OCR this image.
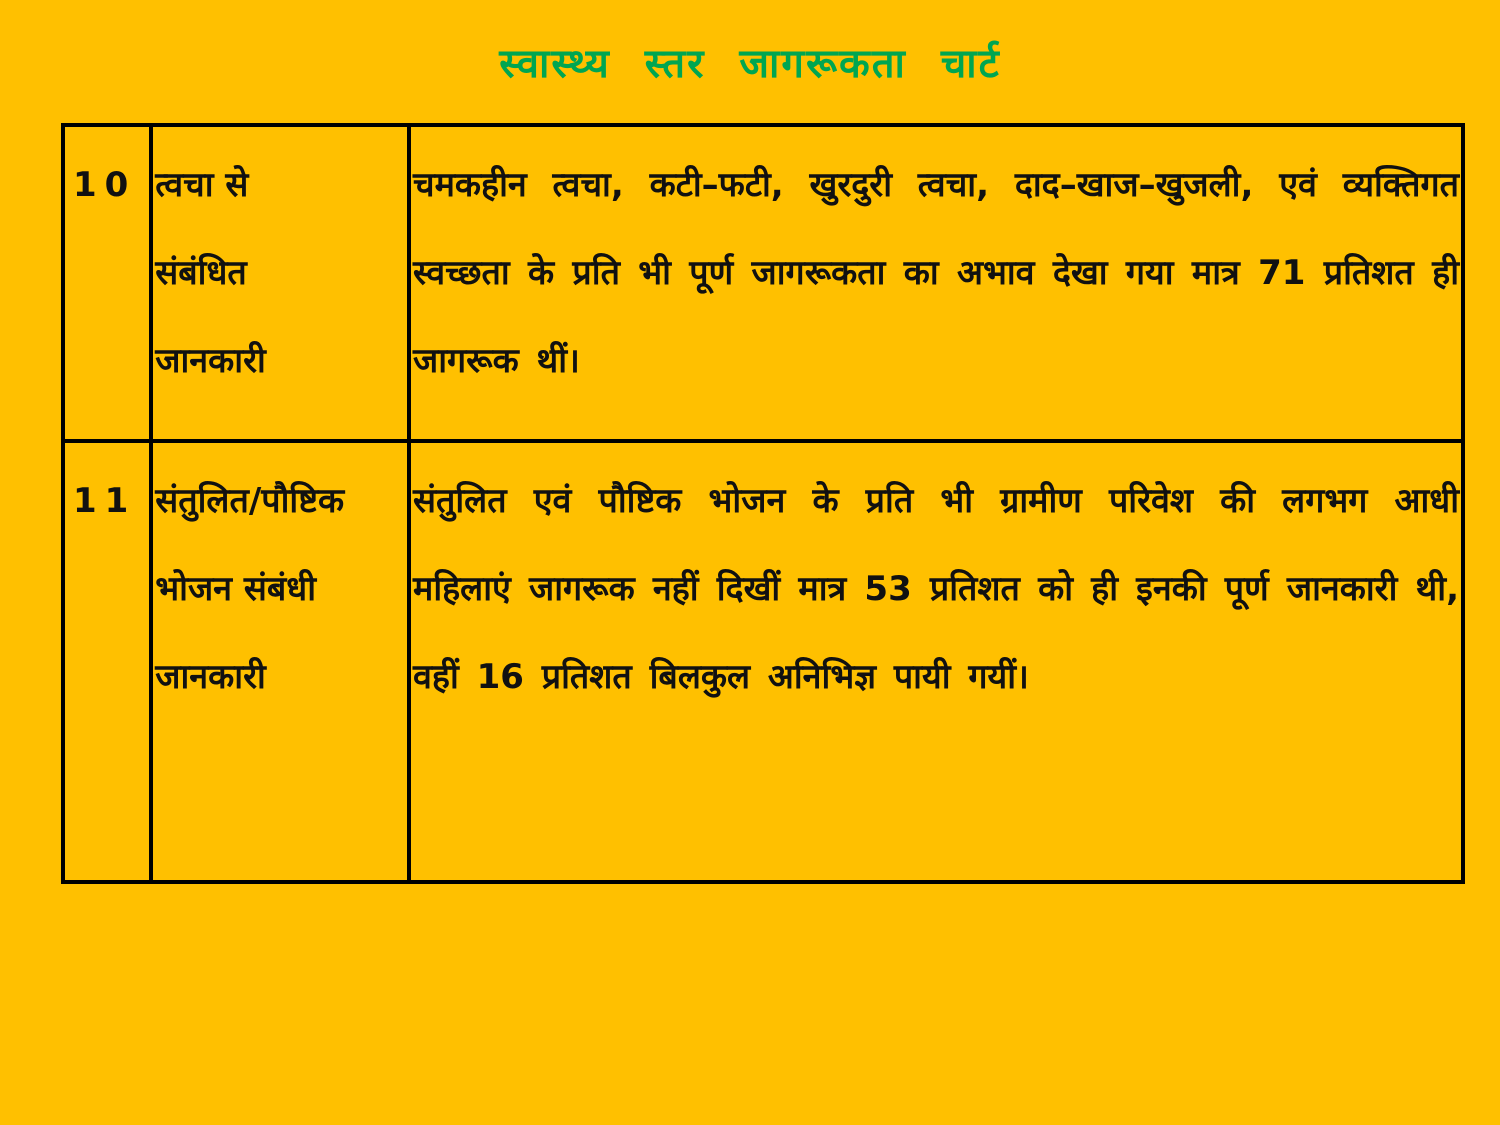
स्वास्थ्य स्तर जागरूकता चार्ट
10	त्वचा से
संबंधित
जानकारी	चमकहीन त्वचा, कटी–फटी, खुरदुरी त्वचा, दाद–खाज–खुजली, एवं व्यक्तिगत स्वच्छता के प्रति भी पूर्ण जागरूकता का अभाव देखा गया मात्र 71 प्रतिशत ही जागरूक थीं।
11	संतुलित/पौष्टिक
भोजन संबंधी
जानकारी	संतुलित एवं पौष्टिक भोजन के प्रति भी ग्रामीण परिवेश की लगभग आधी महिलाएं जागरूक नहीं दिखीं मात्र 53 प्रतिशत को ही इनकी पूर्ण जानकारी थी, वहीं 16 प्रतिशत बिलकुल अनिभिज्ञ पायी गयीं।
